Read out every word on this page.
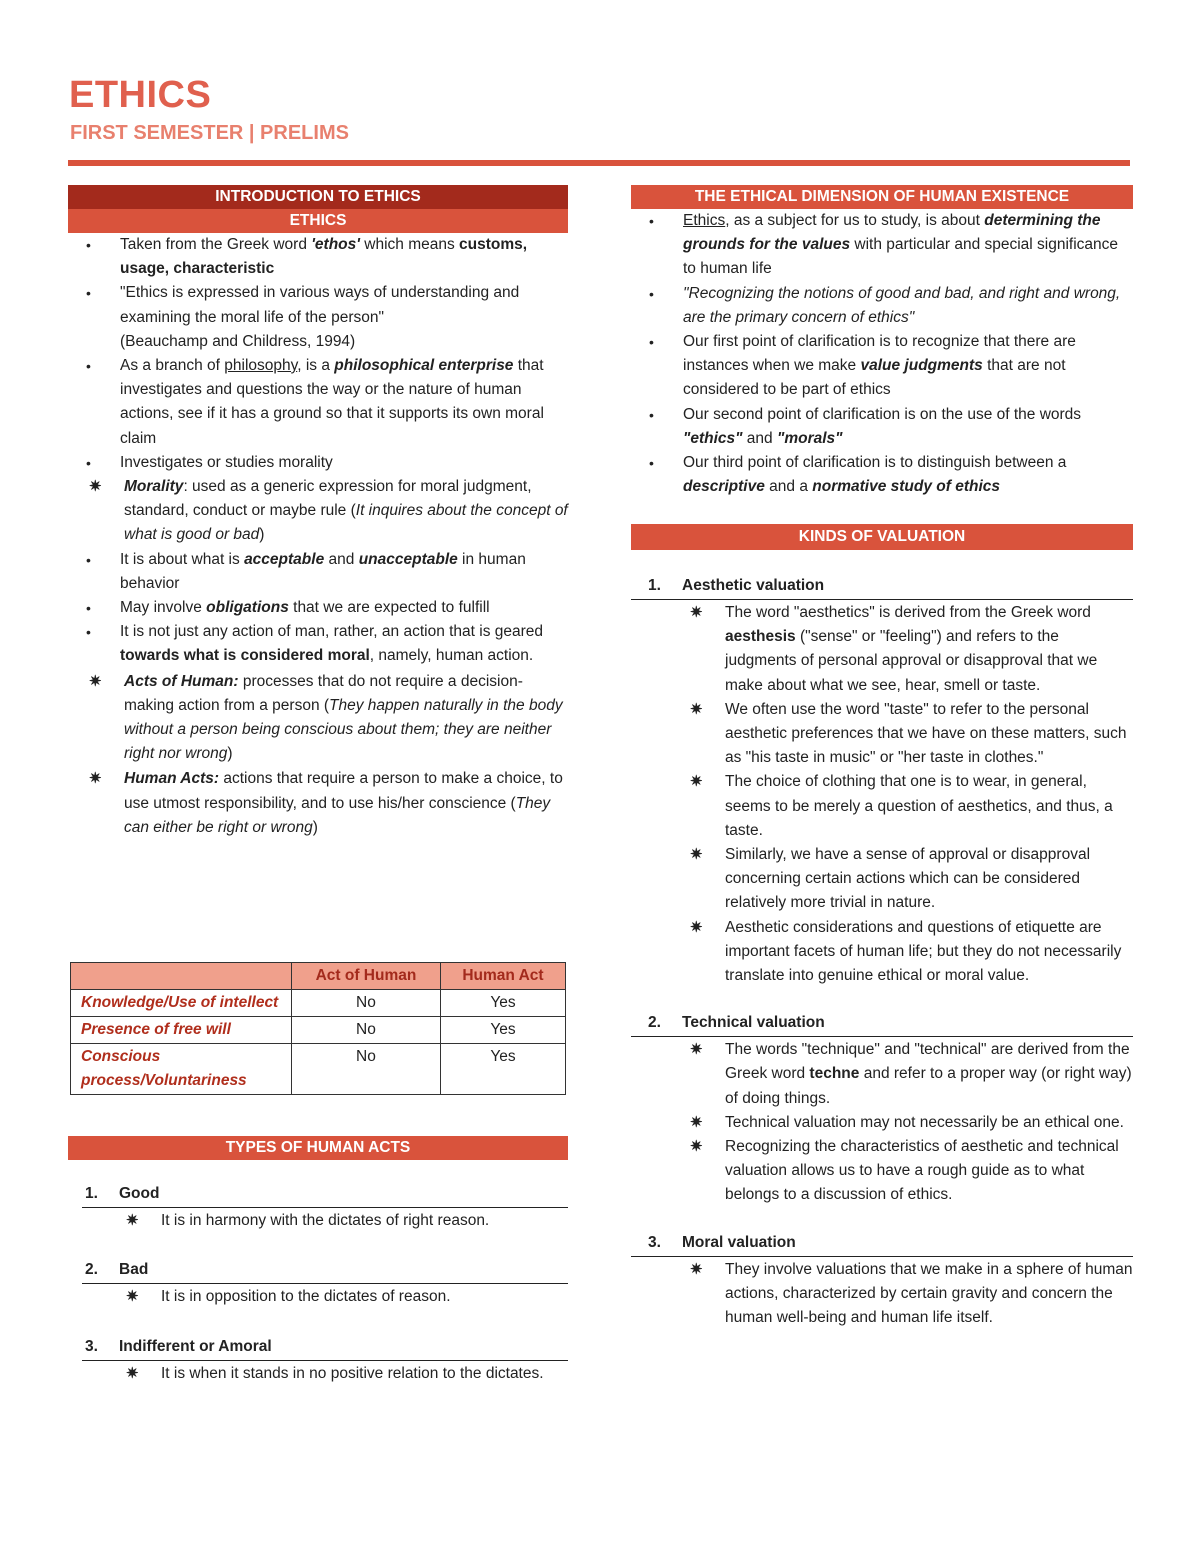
ETHICS
FIRST SEMESTER | PRELIMS
INTRODUCTION TO ETHICS
ETHICS
• Taken from the Greek word 'ethos' which means customs, usage, characteristic
• "Ethics is expressed in various ways of understanding and examining the moral life of the person"
(Beauchamp and Childress, 1994)
• As a branch of philosophy, is a philosophical enterprise that investigates and questions the way or the nature of human actions, see if it has a ground so that it supports its own moral claim
• Investigates or studies morality
✷ Morality: used as a generic expression for moral judgment, standard, conduct or maybe rule (It inquires about the concept of what is good or bad)
• It is about what is acceptable and unacceptable in human behavior
• May involve obligations that we are expected to fulfill
• It is not just any action of man, rather, an action that is geared towards what is considered moral, namely, human action.
✷ Acts of Human: processes that do not require a decision-making action from a person (They happen naturally in the body without a person being conscious about them; they are neither right nor wrong)
✷ Human Acts: actions that require a person to make a choice, to use utmost responsibility, and to use his/her conscience (They can either be right or wrong)
	Act of Human	Human Act
Knowledge/Use of intellect	No	Yes
Presence of free will	No	Yes
Conscious process/Voluntariness	No	Yes
TYPES OF HUMAN ACTS
1. Good
✷ It is in harmony with the dictates of right reason.
2. Bad
✷ It is in opposition to the dictates of reason.
3. Indifferent or Amoral
✷ It is when it stands in no positive relation to the dictates.
THE ETHICAL DIMENSION OF HUMAN EXISTENCE
• Ethics, as a subject for us to study, is about determining the grounds for the values with particular and special significance to human life
• "Recognizing the notions of good and bad, and right and wrong, are the primary concern of ethics"
• Our first point of clarification is to recognize that there are instances when we make value judgments that are not considered to be part of ethics
• Our second point of clarification is on the use of the words "ethics" and "morals"
• Our third point of clarification is to distinguish between a descriptive and a normative study of ethics
KINDS OF VALUATION
1. Aesthetic valuation
✷ The word "aesthetics" is derived from the Greek word aesthesis ("sense" or "feeling") and refers to the judgments of personal approval or disapproval that we make about what we see, hear, smell or taste.
✷ We often use the word "taste" to refer to the personal aesthetic preferences that we have on these matters, such as "his taste in music" or "her taste in clothes."
✷ The choice of clothing that one is to wear, in general, seems to be merely a question of aesthetics, and thus, a taste.
✷ Similarly, we have a sense of approval or disapproval concerning certain actions which can be considered relatively more trivial in nature.
✷ Aesthetic considerations and questions of etiquette are important facets of human life; but they do not necessarily translate into genuine ethical or moral value.
2. Technical valuation
✷ The words "technique" and "technical" are derived from the Greek word techne and refer to a proper way (or right way) of doing things.
✷ Technical valuation may not necessarily be an ethical one.
✷ Recognizing the characteristics of aesthetic and technical valuation allows us to have a rough guide as to what belongs to a discussion of ethics.
3. Moral valuation
✷ They involve valuations that we make in a sphere of human actions, characterized by certain gravity and concern the human well-being and human life itself.
